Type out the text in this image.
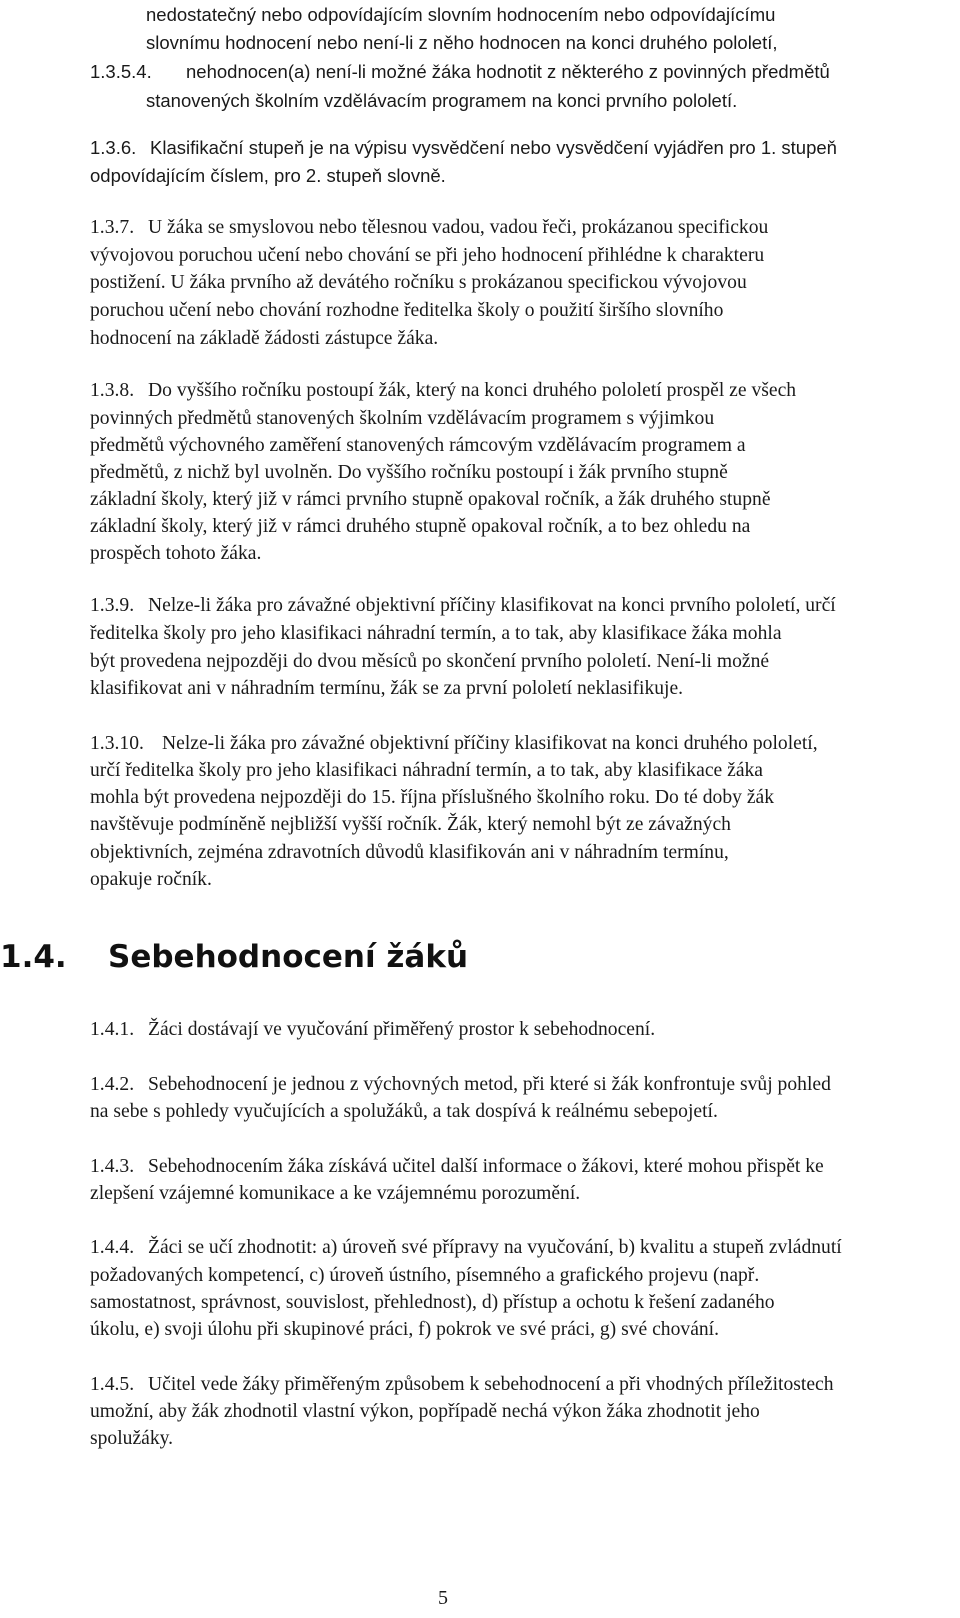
nedostatečný nebo odpovídajícím slovním hodnocením nebo odpovídajícímu
slovnímu hodnocení nebo není-li z něho hodnocen na konci druhého pololetí,
1.3.5.4. nehodnocen(a) není-li možné žáka hodnotit z některého z povinných předmětů
stanovených školním vzdělávacím programem na konci prvního pololetí.
1.3.6. Klasifikační stupeň je na výpisu vysvědčení nebo vysvědčení vyjádřen pro 1. stupeň
odpovídajícím číslem, pro 2. stupeň slovně.
1.3.7. U žáka se smyslovou nebo tělesnou vadou, vadou řeči, prokázanou specifickou
vývojovou poruchou učení nebo chování se při jeho hodnocení přihlédne k charakteru
postižení. U žáka prvního až devátého ročníku s prokázanou specifickou vývojovou
poruchou učení nebo chování rozhodne ředitelka školy o použití širšího slovního
hodnocení na základě žádosti zástupce žáka.
1.3.8. Do vyššího ročníku postoupí žák, který na konci druhého pololetí prospěl ze všech
povinných předmětů stanovených školním vzdělávacím programem s výjimkou
předmětů výchovného zaměření stanovených rámcovým vzdělávacím programem a
předmětů, z nichž byl uvolněn. Do vyššího ročníku postoupí i žák prvního stupně
základní školy, který již v rámci prvního stupně opakoval ročník, a žák druhého stupně
základní školy, který již v rámci druhého stupně opakoval ročník, a to bez ohledu na
prospěch tohoto žáka.
1.3.9. Nelze-li žáka pro závažné objektivní příčiny klasifikovat na konci prvního pololetí, určí
ředitelka školy pro jeho klasifikaci náhradní termín, a to tak, aby klasifikace žáka mohla
být provedena nejpozději do dvou měsíců po skončení prvního pololetí. Není-li možné
klasifikovat ani v náhradním termínu, žák se za první pololetí neklasifikuje.
1.3.10. Nelze-li žáka pro závažné objektivní příčiny klasifikovat na konci druhého pololetí,
určí ředitelka školy pro jeho klasifikaci náhradní termín, a to tak, aby klasifikace žáka
mohla být provedena nejpozději do 15. října příslušného školního roku. Do té doby žák
navštěvuje podmíněně nejbližší vyšší ročník. Žák, který nemohl být ze závažných
objektivních, zejména zdravotních důvodů klasifikován ani v náhradním termínu,
opakuje ročník.
1.4. Sebehodnocení žáků
1.4.1. Žáci dostávají ve vyučování přiměřený prostor k sebehodnocení.
1.4.2. Sebehodnocení je jednou z výchovných metod, při které si žák konfrontuje svůj pohled
na sebe s pohledy vyučujících a spolužáků, a tak dospívá k reálnému sebepojetí.
1.4.3. Sebehodnocením žáka získává učitel další informace o žákovi, které mohou přispět ke
zlepšení vzájemné komunikace a ke vzájemnému porozumění.
1.4.4. Žáci se učí zhodnotit: a) úroveň své přípravy na vyučování, b) kvalitu a stupeň zvládnutí
požadovaných kompetencí, c) úroveň ústního, písemného a grafického projevu (např.
samostatnost, správnost, souvislost, přehlednost), d) přístup a ochotu k řešení zadaného
úkolu, e) svoji úlohu při skupinové práci, f) pokrok ve své práci, g) své chování.
1.4.5. Učitel vede žáky přiměřeným způsobem k sebehodnocení a při vhodných příležitostech
umožní, aby žák zhodnotil vlastní výkon, popřípadě nechá výkon žáka zhodnotit jeho
spolužáky.
5
